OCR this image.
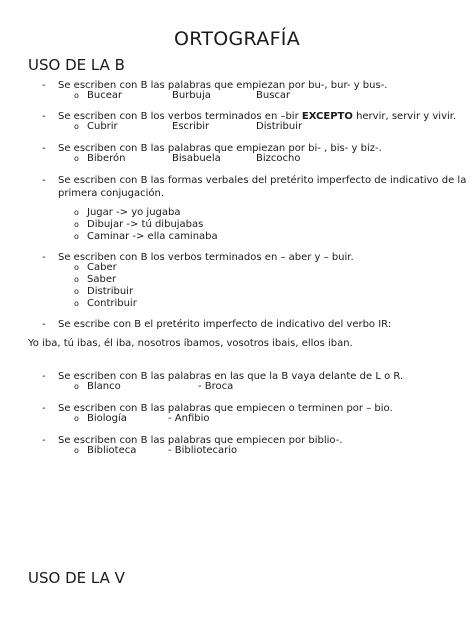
ORTOGRAFÍA
USO DE LA B
- Se escriben con B las palabras que empiezan por bu-, bur- y bus-.
o Bucear	Burbuja	Buscar
- Se escriben con B los verbos terminados en –bir EXCEPTO hervir, servir y vivir.
o Cubrir	Escribir	Distribuir
- Se escriben con B las palabras que empiezan por bi- , bis- y biz-.
o Biberón	Bisabuela	Bizcocho
- Se escriben con B las formas verbales del pretérito imperfecto de indicativo de la primera conjugación.
o Jugar -> yo jugaba
o Dibujar -> tú dibujabas
o Caminar -> ella caminaba
- Se escriben con B los verbos terminados en – aber y – buir.
o Caber
o Saber
o Distribuir
o Contribuir
- Se escribe con B el pretérito imperfecto de indicativo del verbo IR:
Yo iba, tú ibas, él iba, nosotros íbamos, vosotros ibais, ellos iban.
- Se escriben con B las palabras en las que la B vaya delante de L o R.
o Blanco	- Broca
- Se escriben con B las palabras que empiecen o terminen por – bio.
o Biología	- Anfibio
- Se escriben con B las palabras que empiecen por biblio-.
o Biblioteca	- Bibliotecario
USO DE LA V
